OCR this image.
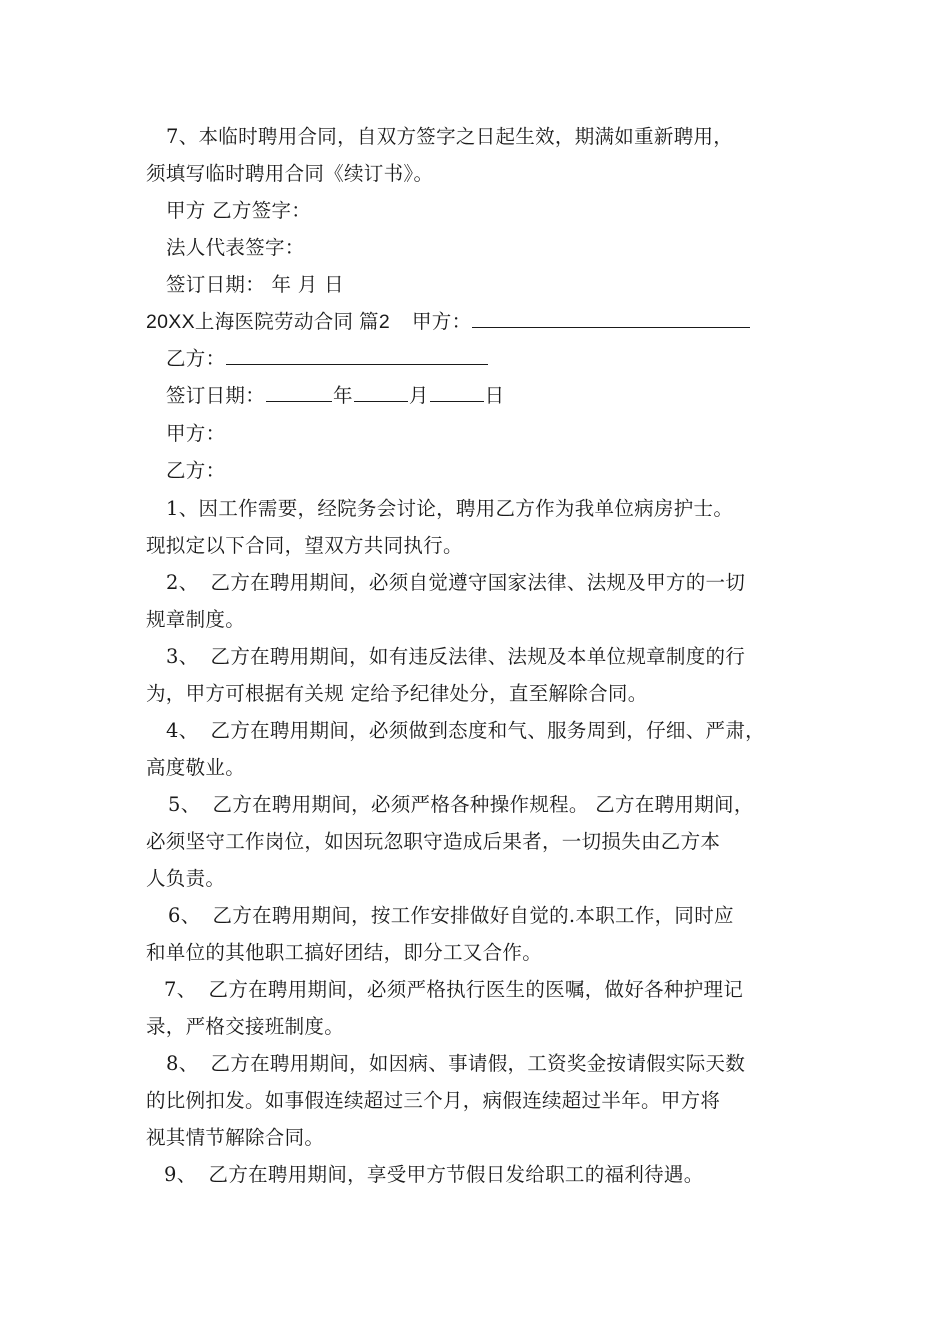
7、本临时聘用合同，自双方签字之日起生效，期满如重新聘用，
须填写临时聘用合同《续订书》。
甲方 乙方签字：
法人代表签字：
签订日期： 年 月 日
20XX上海医院劳动合同 篇2 甲方：
乙方：
签订日期：	年	月	日
甲方：
乙方：
1、因工作需要，经院务会讨论，聘用乙方作为我单位病房护士。
现拟定以下合同，望双方共同执行。
2、 乙方在聘用期间，必须自觉遵守国家法律、法规及甲方的一切
规章制度。
3、 乙方在聘用期间，如有违反法律、法规及本单位规章制度的行
为，甲方可根据有关规 定给予纪律处分，直至解除合同。
4、 乙方在聘用期间，必须做到态度和气、服务周到，仔细、严肃，
高度敬业。
5、 乙方在聘用期间，必须严格各种操作规程。 乙方在聘用期间，
必须坚守工作岗位，如因玩忽职守造成后果者，一切损失由乙方本
人负责。
6、 乙方在聘用期间，按工作安排做好自觉的.本职工作，同时应
和单位的其他职工搞好团结，即分工又合作。
7、 乙方在聘用期间，必须严格执行医生的医嘱，做好各种护理记
录，严格交接班制度。
8、 乙方在聘用期间，如因病、事请假，工资奖金按请假实际天数
的比例扣发。如事假连续超过三个月，病假连续超过半年。甲方将
视其情节解除合同。
9、 乙方在聘用期间，享受甲方节假日发给职工的福利待遇。
